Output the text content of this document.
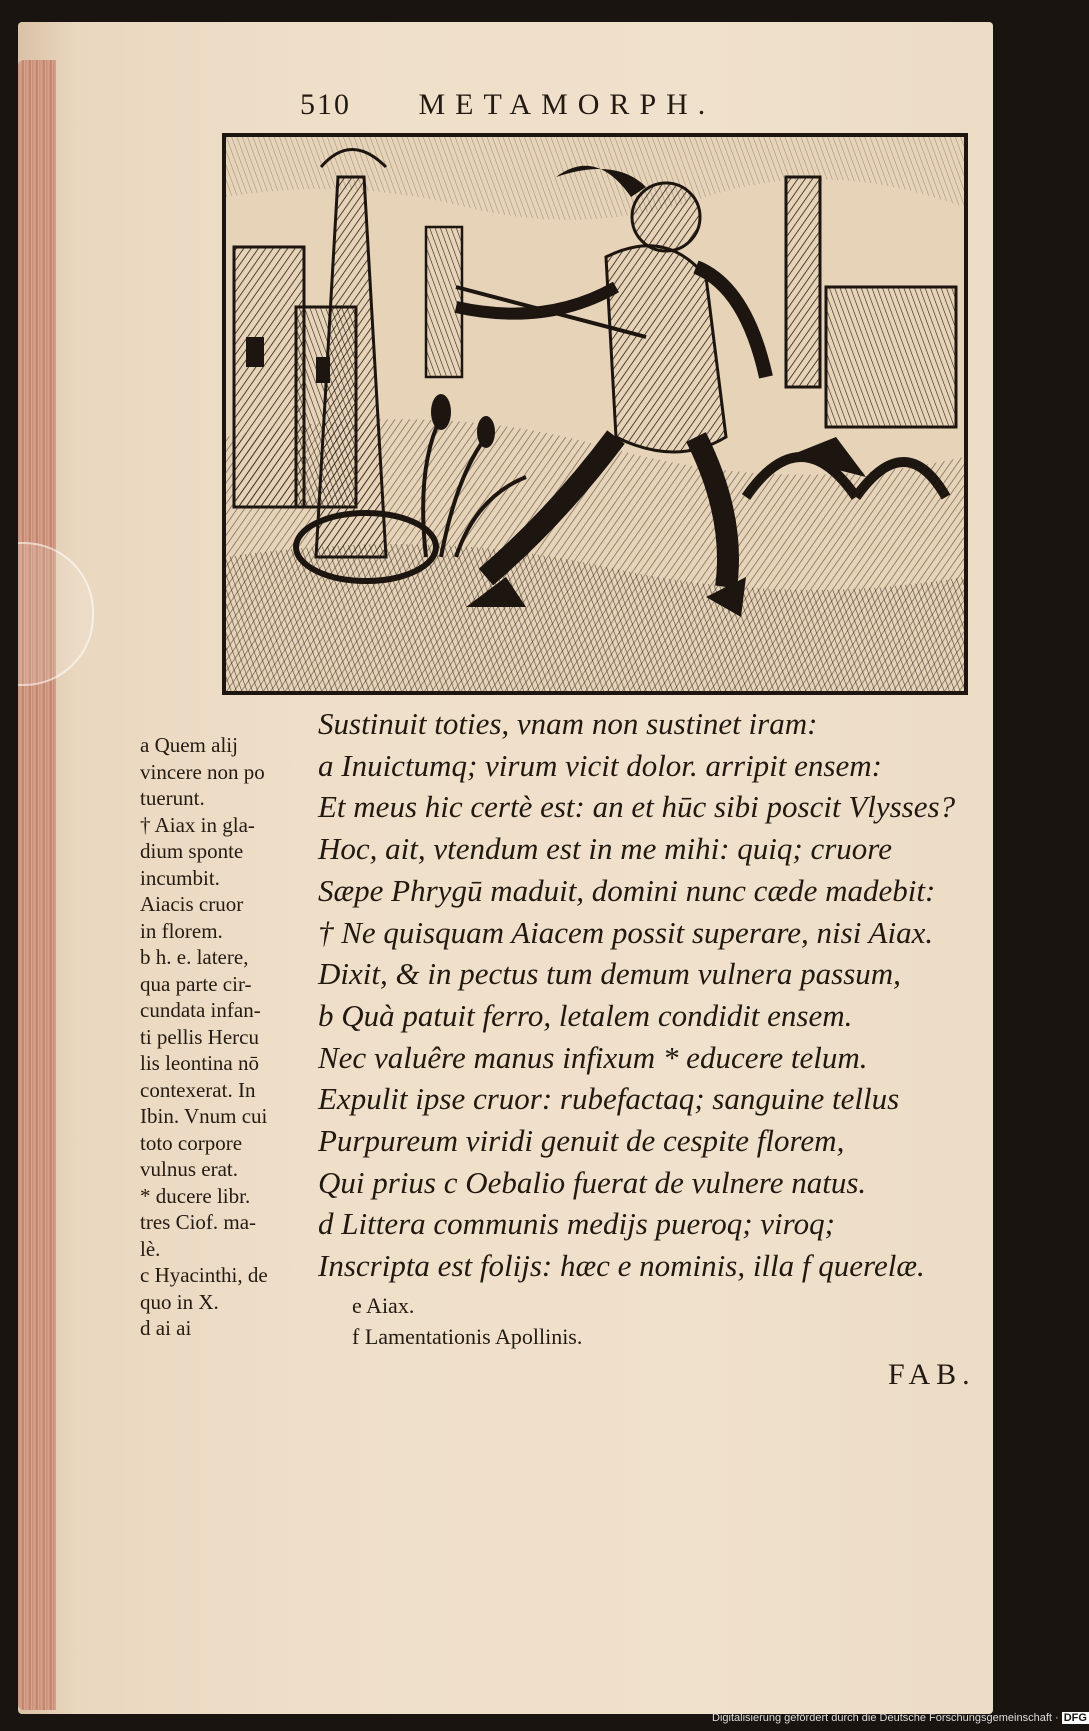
510 METAMORPH.
Sustinuit toties, vnam non sustinet iram:
a Inuictumq; virum vicit dolor. arripit ensem:
Et meus hic certè est: an et hūc sibi poscit Vlysses?
Hoc, ait, vtendum est in me mihi: quiq; cruore
Sæpe Phrygū maduit, domini nunc cæde madebit:
† Ne quisquam Aiacem possit superare, nisi Aiax.
Dixit, & in pectus tum demum vulnera passum,
b Quà patuit ferro, letalem condidit ensem.
Nec valuêre manus infixum * educere telum.
Expulit ipse cruor: rubefactaq; sanguine tellus
Purpureum viridi genuit de cespite florem,
Qui prius c Oebalio fuerat de vulnere natus.
d Littera communis medijs pueroq; viroq;
Inscripta est folijs: hæc e nominis, illa f querelæ.
a Quem alij
vincere non po
tuerunt.
† Aiax in gla-
dium sponte
incumbit.
Aiacis cruor
in florem.
b h. e. latere,
qua parte cir-
cundata infan-
ti pellis Hercu
lis leontina nō
contexerat. In
Ibin. Vnum cui
toto corpore
vulnus erat.
* ducere libr.
tres Ciof. ma-
lè.
c Hyacinthi, de
quo in X.
d ai ai
e Aiax.
f Lamentationis Apollinis.
FAB.
Digitalisierung gefördert durch die Deutsche Forschungsgemeinschaft · DFG
